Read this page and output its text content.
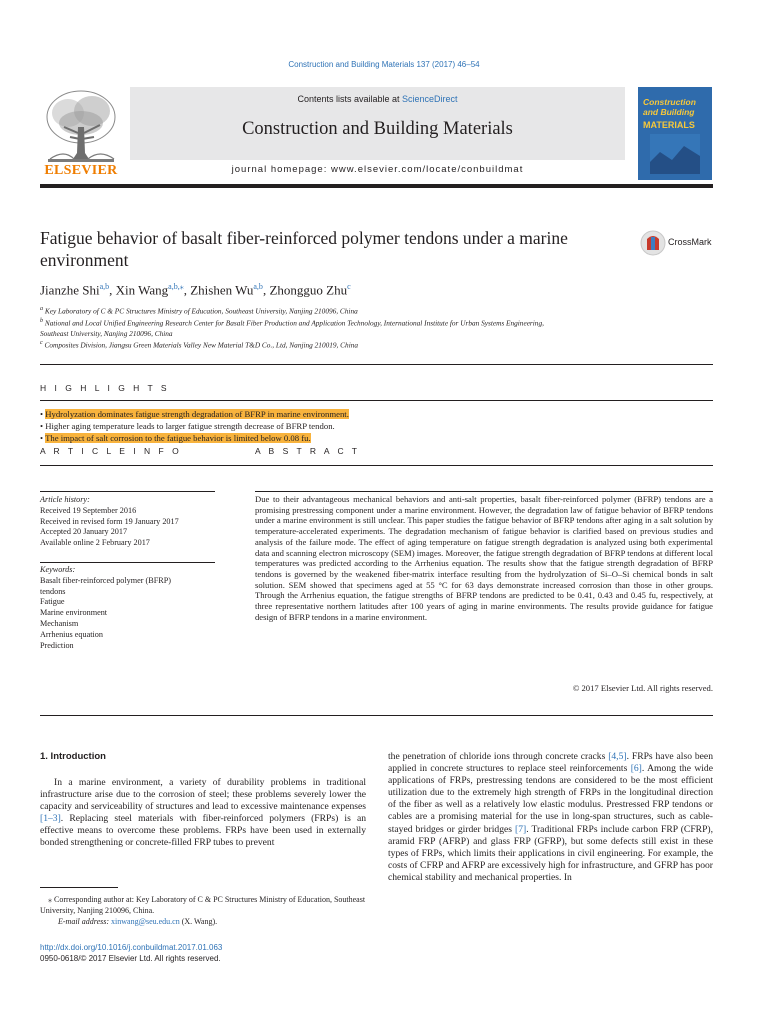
Construction and Building Materials 137 (2017) 46–54
Contents lists available at ScienceDirect
Construction and Building Materials
journal homepage: www.elsevier.com/locate/conbuildmat
ELSEVIER
Construction and Building
MATERIALS
Fatigue behavior of basalt fiber-reinforced polymer tendons under a marine environment
CrossMark
Jianzhe Shi$^{a,b}$, Xin Wang$^{a,b,⁎}$, Zhishen Wu$^{a,b}$, Zhongguo Zhu$^c$
$^a$ Key Laboratory of C & PC Structures Ministry of Education, Southeast University, Nanjing 210096, China
$^b$ National and Local Unified Engineering Research Center for Basalt Fiber Production and Application Technology, International Institute for Urban Systems Engineering,
Southeast University, Nanjing 210096, China
$^c$ Composites Division, Jiangsu Green Materials Valley New Material T&D Co., Ltd, Nanjing 210019, China
H I G H L I G H T S
• Hydrolyzation dominates fatigue strength degradation of BFRP in marine environment.
• Higher aging temperature leads to larger fatigue strength decrease of BFRP tendon.
• The impact of salt corrosion to the fatigue behavior is limited below 0.08 fu.
A R T I C L E I N F O	A B S T R A C T
Article history:
Received 19 September 2016
Received in revised form 19 January 2017
Accepted 20 January 2017
Available online 2 February 2017
Keywords:
Basalt fiber-reinforced polymer (BFRP)
tendons
Fatigue
Marine environment
Mechanism
Arrhenius equation
Prediction
Due to their advantageous mechanical behaviors and anti-salt properties, basalt fiber-reinforced polymer (BFRP) tendons are a promising prestressing component under a marine environment. However, the degradation law of fatigue behavior of BFRP tendons under a marine environment is still unclear. This paper studies the fatigue behavior of BFRP tendons after aging in a salt solution by temperature-accelerated experiments. The degradation mechanism of fatigue behavior is clarified based on previous studies and analysis of the failure mode. The effect of aging temperature on fatigue strength degradation is analyzed using both experimental data and scanning electron microscopy (SEM) images. Moreover, the fatigue strength degradation of BFRP tendons at different local temperatures was predicted according to the Arrhenius equation. The results show that the fatigue strength degradation of BFRP tendons is governed by the weakened fiber-matrix interface resulting from the hydrolyzation of Si–O–Si chemical bonds in salt solution. SEM showed that specimens aged at 55 °C for 63 days demonstrate increased corrosion than those in other groups. Through the Arrhenius equation, the fatigue strengths of BFRP tendons are predicted to be 0.41, 0.43 and 0.45 fu, respectively, at three representative northern latitudes after 100 years of aging in marine environments. The results provide guidance for fatigue design of BFRP tendons in a marine environment.
© 2017 Elsevier Ltd. All rights reserved.
1. Introduction

In a marine environment, a variety of durability problems in traditional infrastructure arise due to the corrosion of steel; these problems severely lower the capacity and serviceability of structures and lead to excessive maintenance expenses [1–3]. Replacing steel materials with fiber-reinforced polymers (FRPs) is an effective means to overcome these problems. FRPs have been used in externally bonded strengthening or concrete-filled FRP tubes to prevent

the penetration of chloride ions through concrete cracks [4,5]. FRPs have also been applied in concrete structures to replace steel reinforcements [6]. Among the wide applications of FRPs, prestressing tendons are considered to be the most efficient utilization due to the extremely high strength of FRPs in the longitudinal direction of the fiber as well as a relatively low elastic modulus. Prestressed FRP tendons or cables are a promising material for the use in long-span structures, such as cable-stayed bridges or girder bridges [7]. Traditional FRPs include carbon FRP (CFRP), aramid FRP (AFRP) and glass FRP (GFRP), but some defects still exist in these types of FRPs, which limits their applications in civil engineering. For example, the costs of CFRP and AFRP are excessively high for infrastructure, and GFRP has poor chemical stability and mechanical properties. In

⁎ Corresponding author at: Key Laboratory of C & PC Structures Ministry of Education, Southeast University, Nanjing 210096, China.
E-mail address: xinwang@seu.edu.cn (X. Wang).
http://dx.doi.org/10.1016/j.conbuildmat.2017.01.063
0950-0618/© 2017 Elsevier Ltd. All rights reserved.
